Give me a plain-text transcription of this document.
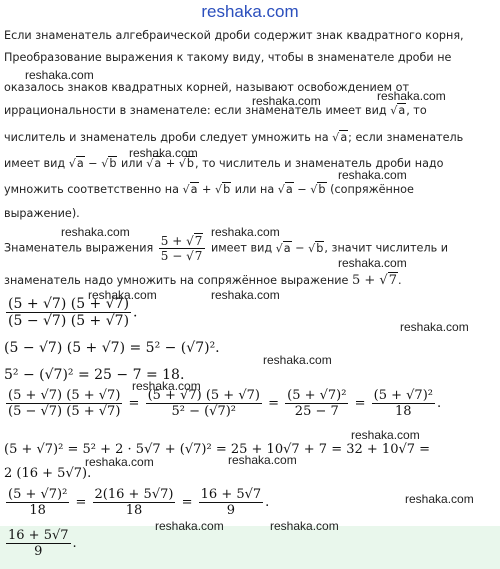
reshaka.com
Если знаменатель алгебраической дроби содержит знак квадратного корня,
Преобразование выражения к такому виду, чтобы в знаменателе дроби не
оказалось знаков квадратных корней, называют освобождением от
иррациональности в знаменателе: если знаменатель имеет вид √a, то
числитель и знаменатель дроби следует умножить на √a; если знаменатель
имеет вид √a − √b или √a + √b, то числитель и знаменатель дроби надо
умножить соответственно на √a + √b или на √a − √b (сопряжённое
выражение).
Знаменатель выражения $\frac{5 + √7}{5 - √7}$ имеет вид √a − √b, значит числитель и
знаменатель надо умножить на сопряжённое выражение 5 + √7.
$\frac{(5 + √7) (5 + √7)}{(5 - √7) (5 + √7)}$ .
(5 − √7) (5 + √7) = 5² − (√7)².
5² − (√7)² = 25 − 7 = 18.
$\frac{(5 + √7) (5 + √7)}{(5 - √7) (5 + √7)} = \frac{(5 + √7) (5 + √7)}{\text{5² − (√7)²}} = \frac{\text{(5 + √7)²}}{25 - 7} = \frac{\text{(5 + √7)²}}{18}$ .
(5 + √7)² = 5² + 2 · 5√7 + (√7)² = 25 + 10√7 + 7 = 32 + 10√7 =
2 (16 + 5√7).
$\frac{\text{(5 + √7)²}}{18} = \frac{2(16 + 5√7)}{18} = \frac{16 + 5√7}{9}$ .
$\frac{16 + 5√7}{9}$ .
reshaka.com
reshaka.com	reshaka.com
reshaka.com
reshaka.com
reshaka.com	reshaka.com
reshaka.com
reshaka.com	reshaka.com
reshaka.com
reshaka.com
reshaka.com
reshaka.com
reshaka.com	reshaka.com
reshaka.com
reshaka.com	reshaka.com
